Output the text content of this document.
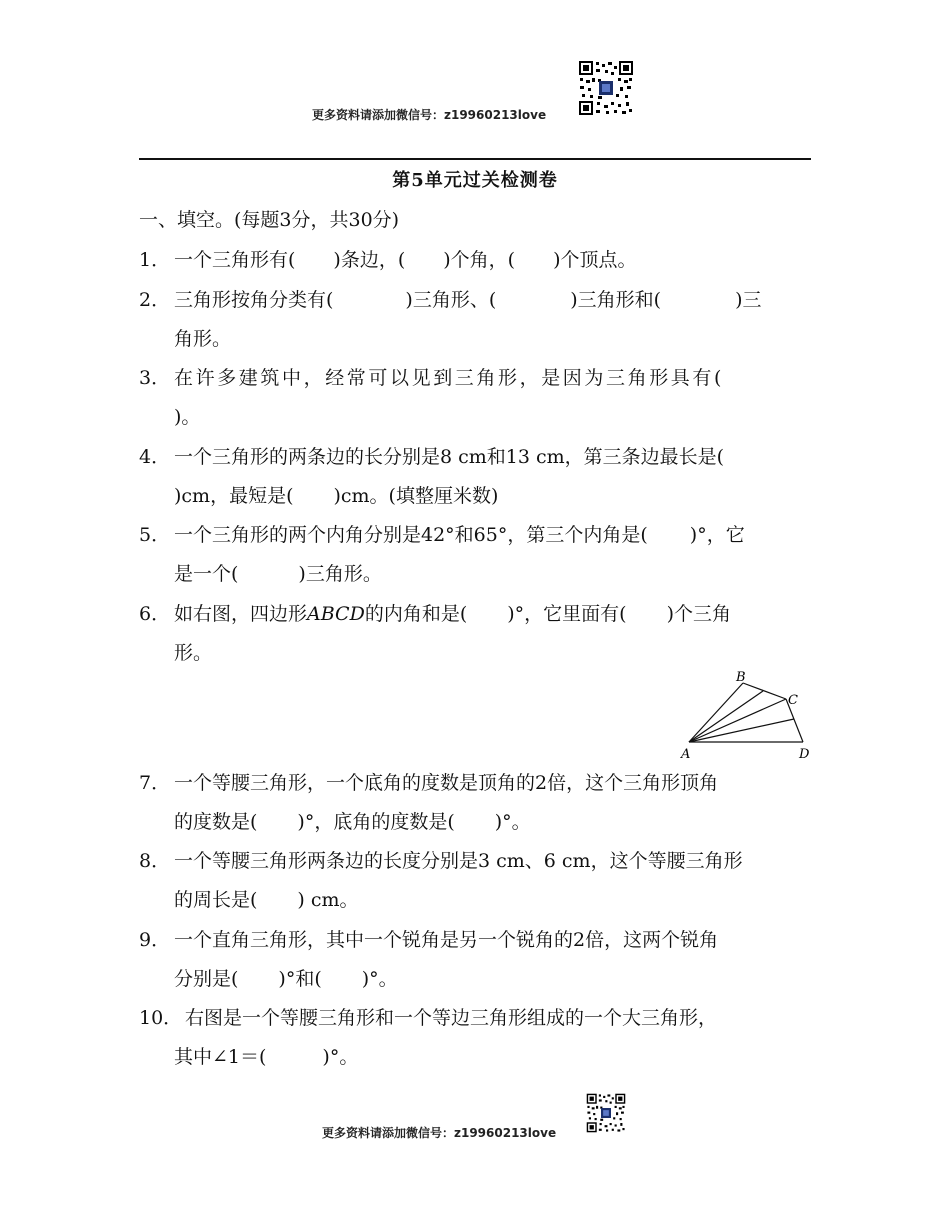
更多资料请添加微信号：z19960213love
第5单元过关检测卷
一、填空。(每题3分，共30分)
1． 一个三角形有( )条边，( )个角，( )个顶点。
2． 三角形按角分类有(	)三角形、(	)三角形和(	)三
角形。
3． 在许多建筑中，经常可以见到三角形，是因为三角形具有(
)。
4． 一个三角形的两条边的长分别是8 cm和13 cm，第三条边最长是(
)cm，最短是( )cm。(填整厘米数)
5． 一个三角形的两个内角分别是42°和65°，第三个内角是( )°，它
是一个(	)三角形。
6． 如右图，四边形ABCD的内角和是( )°，它里面有( )个三角
形。
A
B
C
D
7． 一个等腰三角形，一个底角的度数是顶角的2倍，这个三角形顶角
的度数是( )°，底角的度数是( )°。
8． 一个等腰三角形两条边的长度分别是3 cm、6 cm，这个等腰三角形
的周长是( ) cm。
9． 一个直角三角形，其中一个锐角是另一个锐角的2倍，这两个锐角
分别是( )°和( )°。
10． 右图是一个等腰三角形和一个等边三角形组成的一个大三角形，
其中∠1＝(	)°。
更多资料请添加微信号：z19960213love
